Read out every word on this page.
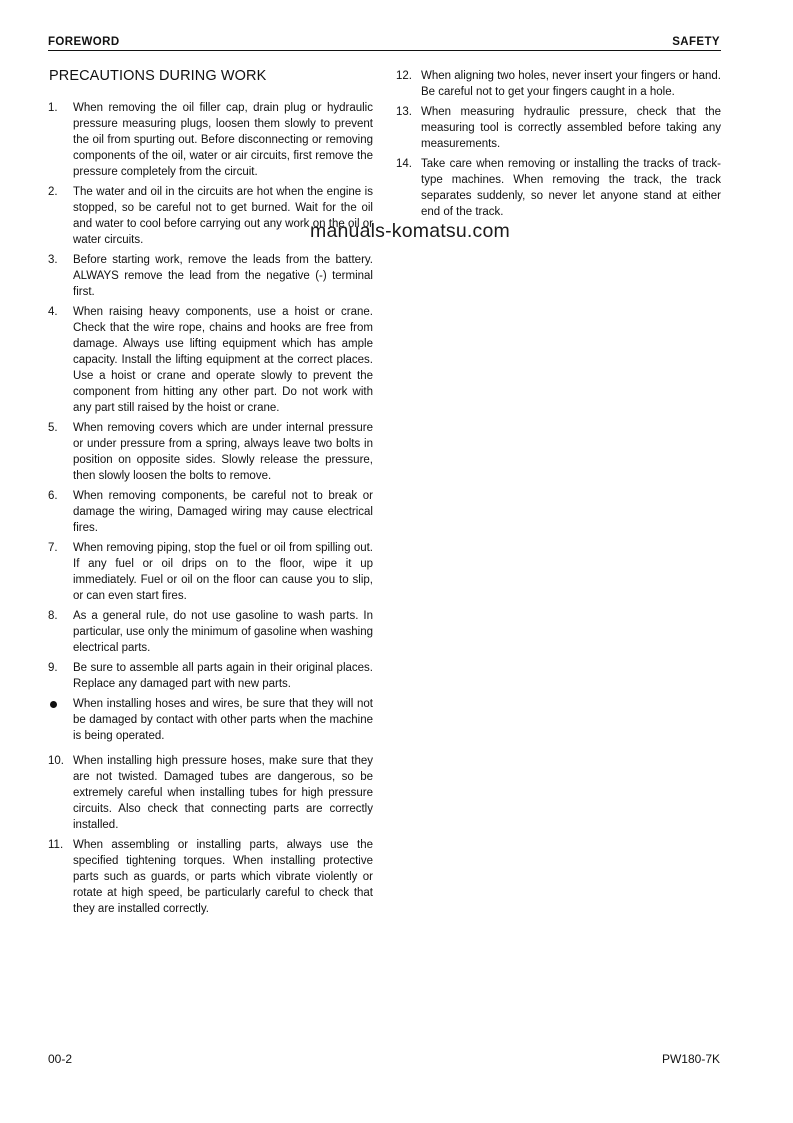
FOREWORD	SAFETY
PRECAUTIONS DURING WORK
1.	When removing the oil filler cap, drain plug or hydraulic pressure measuring plugs, loosen them slowly to prevent the oil from spurting out. Before disconnecting or removing components of the oil, water or air circuits, first remove the pressure completely from the circuit.

2.	The water and oil in the circuits are hot when the engine is stopped, so be careful not to get burned. Wait for the oil and water to cool before carrying out any work on the oil or water circuits.

3.	Before starting work, remove the leads from the battery. ALWAYS remove the lead from the negative (-) terminal first.

4.	When raising heavy components, use a hoist or crane. Check that the wire rope, chains and hooks are free from damage. Always use lifting equipment which has ample capacity. Install the lifting equipment at the correct places. Use a hoist or crane and operate slowly to prevent the component from hitting any other part. Do not work with any part still raised by the hoist or crane.

5.	When removing covers which are under internal pressure or under pressure from a spring, always leave two bolts in position on opposite sides. Slowly release the pressure, then slowly loosen the bolts to remove.

6.	When removing components, be careful not to break or damage the wiring, Damaged wiring may cause electrical fires.

7.	When removing piping, stop the fuel or oil from spilling out. If any fuel or oil drips on to the floor, wipe it up immediately. Fuel or oil on the floor can cause you to slip, or can even start fires.

8.	As a general rule, do not use gasoline to wash parts. In particular, use only the minimum of gasoline when washing electrical parts.

9.	Be sure to assemble all parts again in their original places. Replace any damaged part with new parts.

When installing hoses and wires, be sure that they will not be damaged by contact with other parts when the machine is being operated.

10. When installing high pressure hoses, make sure that they are not twisted. Damaged tubes are dangerous, so be extremely careful when installing tubes for high pressure circuits. Also check that connecting parts are correctly installed.

11. When assembling or installing parts, always use the specified tightening torques. When installing protective parts such as guards, or parts which vibrate violently or rotate at high speed, be particularly careful to check that they are installed correctly.

12. When aligning two holes, never insert your fingers or hand. Be careful not to get your fingers caught in a hole.

13. When measuring hydraulic pressure, check that the measuring tool is correctly assembled before taking any measurements.

14. Take care when removing or installing the tracks of track-type machines. When removing the track, the track separates suddenly, so never let anyone stand at either end of the track.

manuals-komatsu.com
00-2	PW180-7K
